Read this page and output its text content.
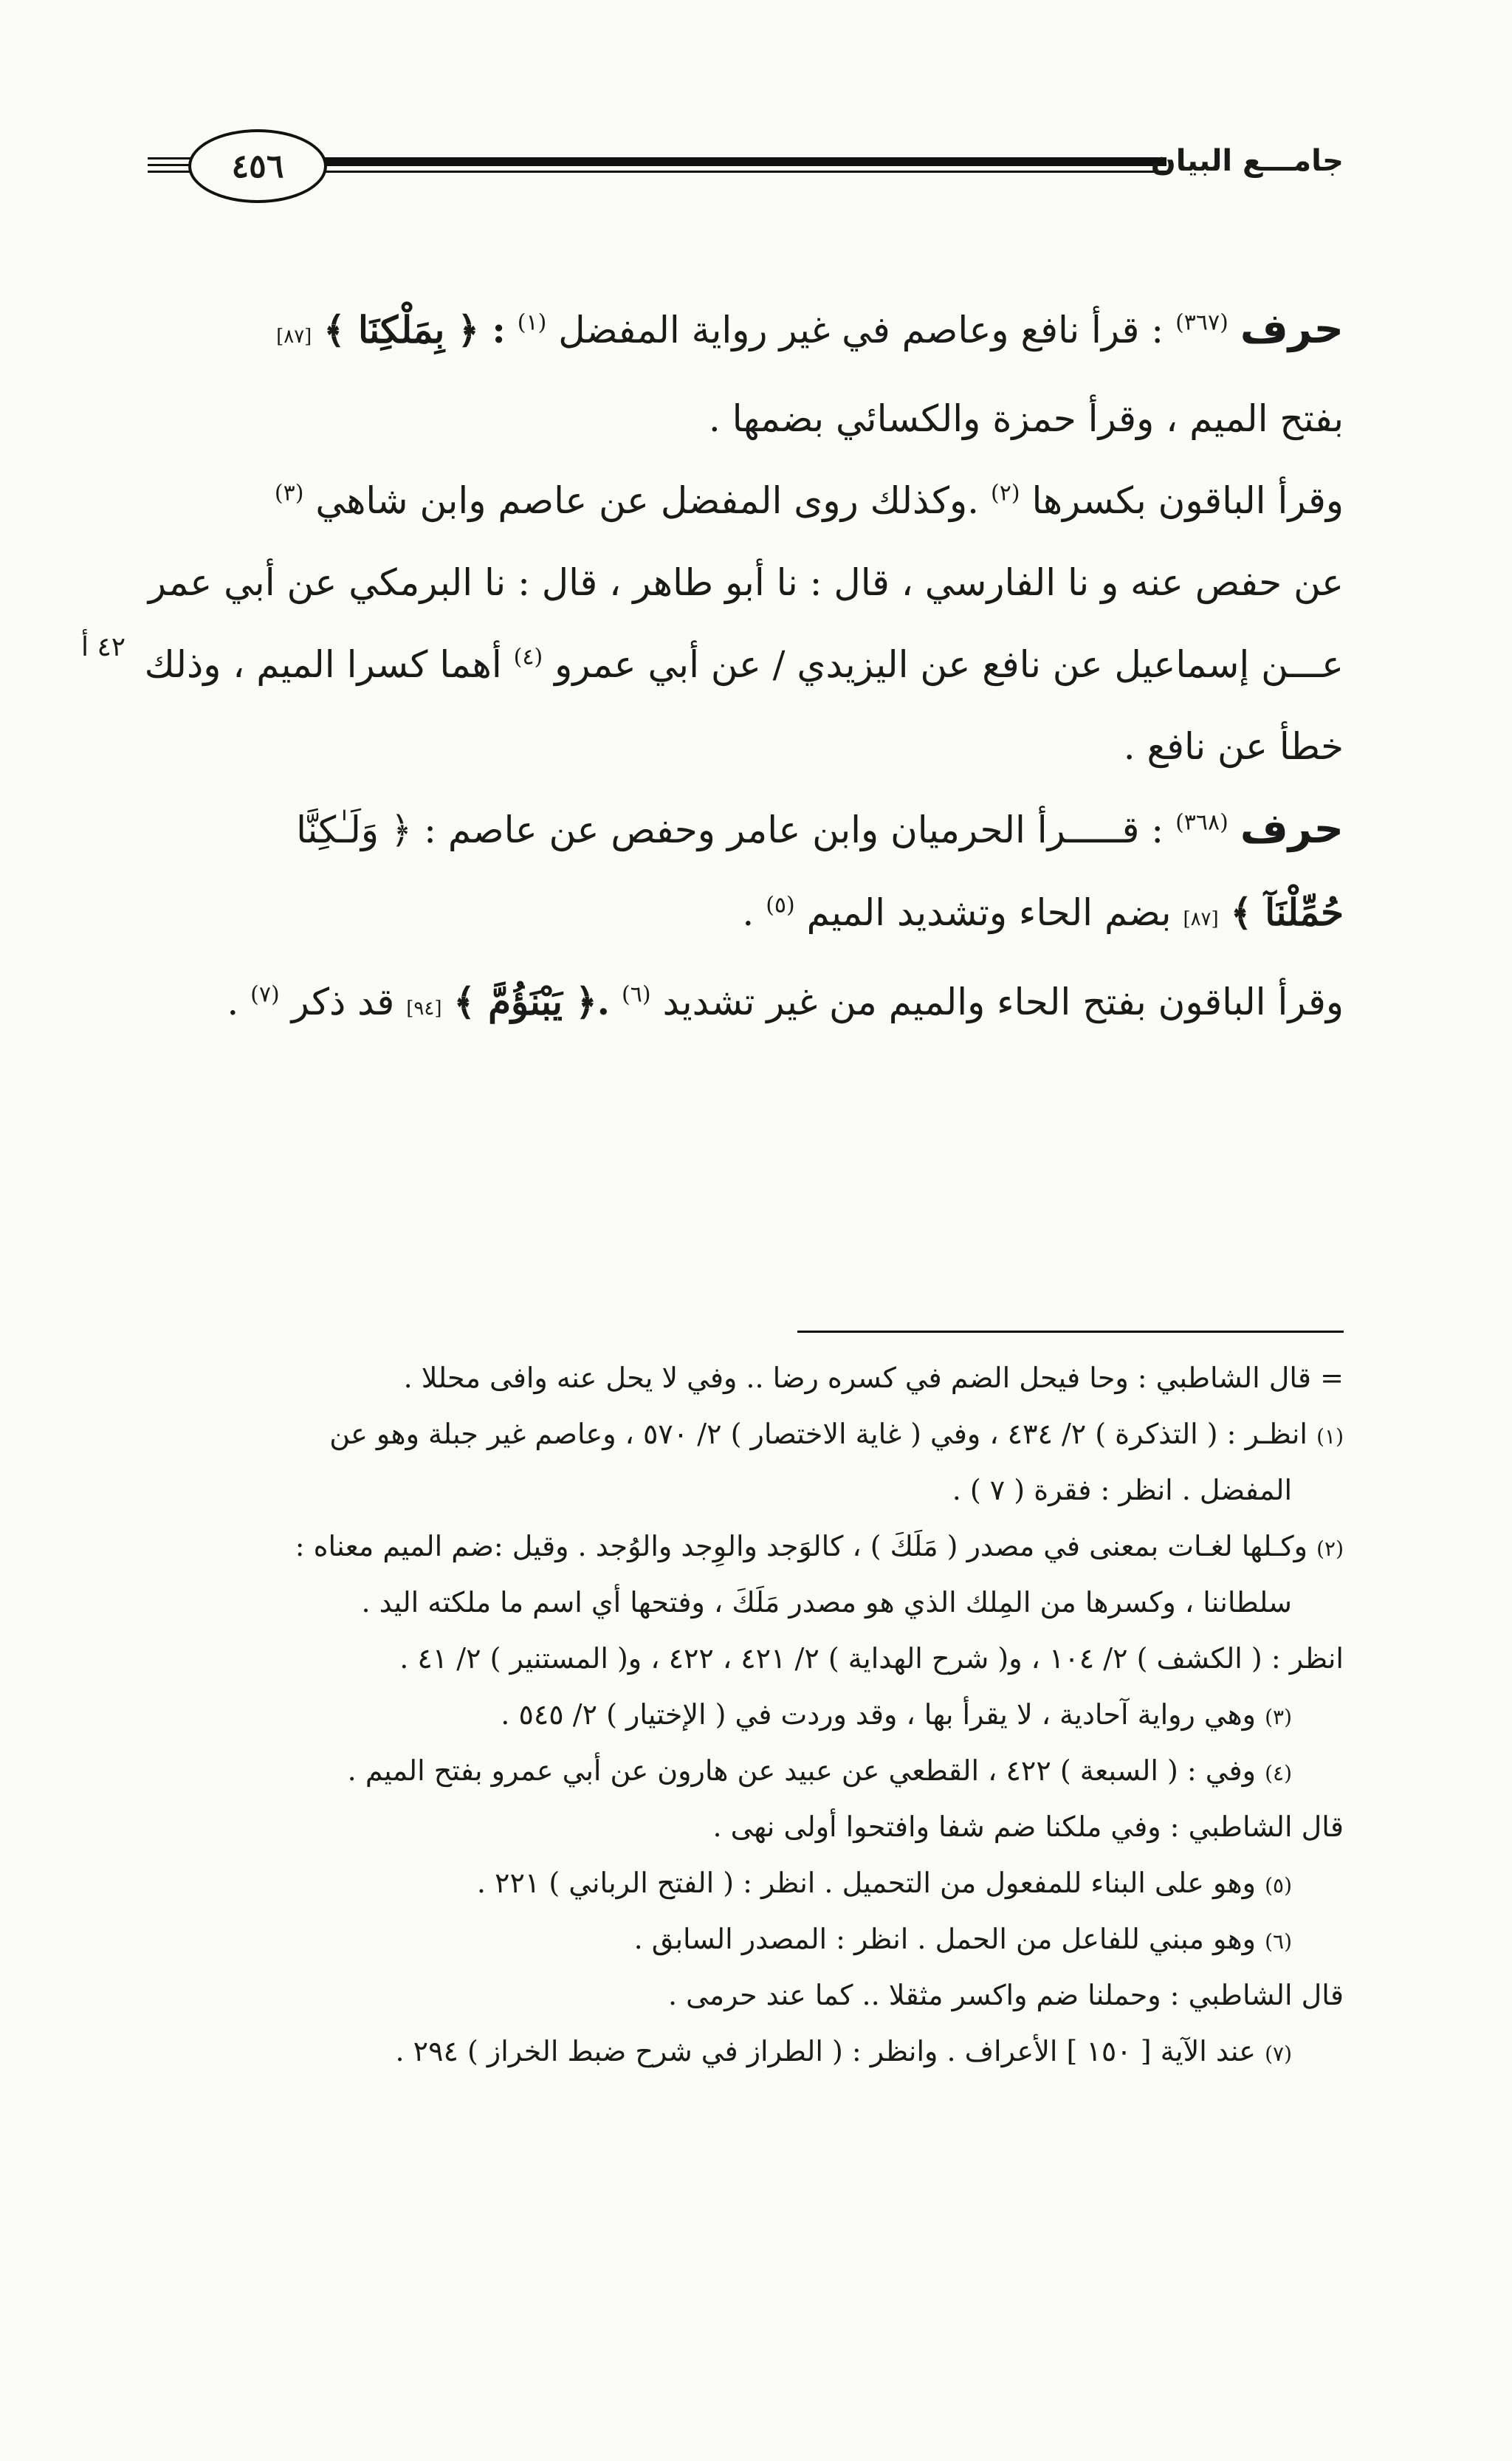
٤٥٦	جامـــع البيان
٤٢ أ
حرف $^{(٣٦٧)}$ : قرأ نافع وعاصم في غير رواية المفضل $^{(١)}$ : ﴿ بِمَلْكِنَا ﴾ [٨٧]
بفتح الميم ، وقرأ حمزة والكسائي بضمها .
وقرأ الباقون بكسرها $^{(٢)}$ .وكذلك روى المفضل عن عاصم وابن شاهي $^{(٣)}$
عن حفص عنه و نا الفارسي ، قال : نا أبو طاهر ، قال : نا البرمكي عن أبي عمر
عـــن إسماعيل عن نافع عن اليزيدي / عن أبي عمرو $^{(٤)}$ أهما كسرا الميم ، وذلك
خطأ عن نافع .
حرف $^{(٣٦٨)}$ : قـــــرأ الحرميان وابن عامر وحفص عن عاصم : ﴿ وَلَـٰكِنَّا
حُمِّلْنَآ ﴾ [٨٧] بضم الحاء وتشديد الميم $^{(٥)}$ .
وقرأ الباقون بفتح الحاء والميم من غير تشديد $^{(٦)}$ .﴿ يَبْنَؤُمَّ ﴾ [٩٤] قد ذكر $^{(٧)}$ .
= قال الشاطبي : وحا فيحل الضم في كسره رضا .. وفي لا يحل عنه وافى محللا .
(١) انظـر : ( التذكرة ) ٢/ ٤٣٤ ، وفي ( غاية الاختصار ) ٢/ ٥٧٠ ، وعاصم غير جبلة وهو عن
المفضل . انظر : فقرة ( ٧ ) .
(٢) وكـلها لغـات بمعنى في مصدر ( مَلَكَ ) ، كالوَجد والوِجد والوُجد . وقيل :ضم الميم معناه :
سلطاننا ، وكسرها من المِلك الذي هو مصدر مَلَكَ ، وفتحها أي اسم ما ملكته اليد .
انظر : ( الكشف ) ٢/ ١٠٤ ، و( شرح الهداية ) ٢/ ٤٢١ ، ٤٢٢ ، و( المستنير ) ٢/ ٤١ .
(٣) وهي رواية آحادية ، لا يقرأ بها ، وقد وردت في ( الإختيار ) ٢/ ٥٤٥ .
(٤) وفي : ( السبعة ) ٤٢٢ ، القطعي عن عبيد عن هارون عن أبي عمرو بفتح الميم .
قال الشاطبي : وفي ملكنا ضم شفا وافتحوا أولى نهى .
(٥) وهو على البناء للمفعول من التحميل . انظر : ( الفتح الرباني ) ٢٢١ .
(٦) وهو مبني للفاعل من الحمل . انظر : المصدر السابق .
قال الشاطبي : وحملنا ضم واكسر مثقلا .. كما عند حرمى .
(٧) عند الآية [ ١٥٠ ] الأعراف . وانظر : ( الطراز في شرح ضبط الخراز ) ٢٩٤ .
